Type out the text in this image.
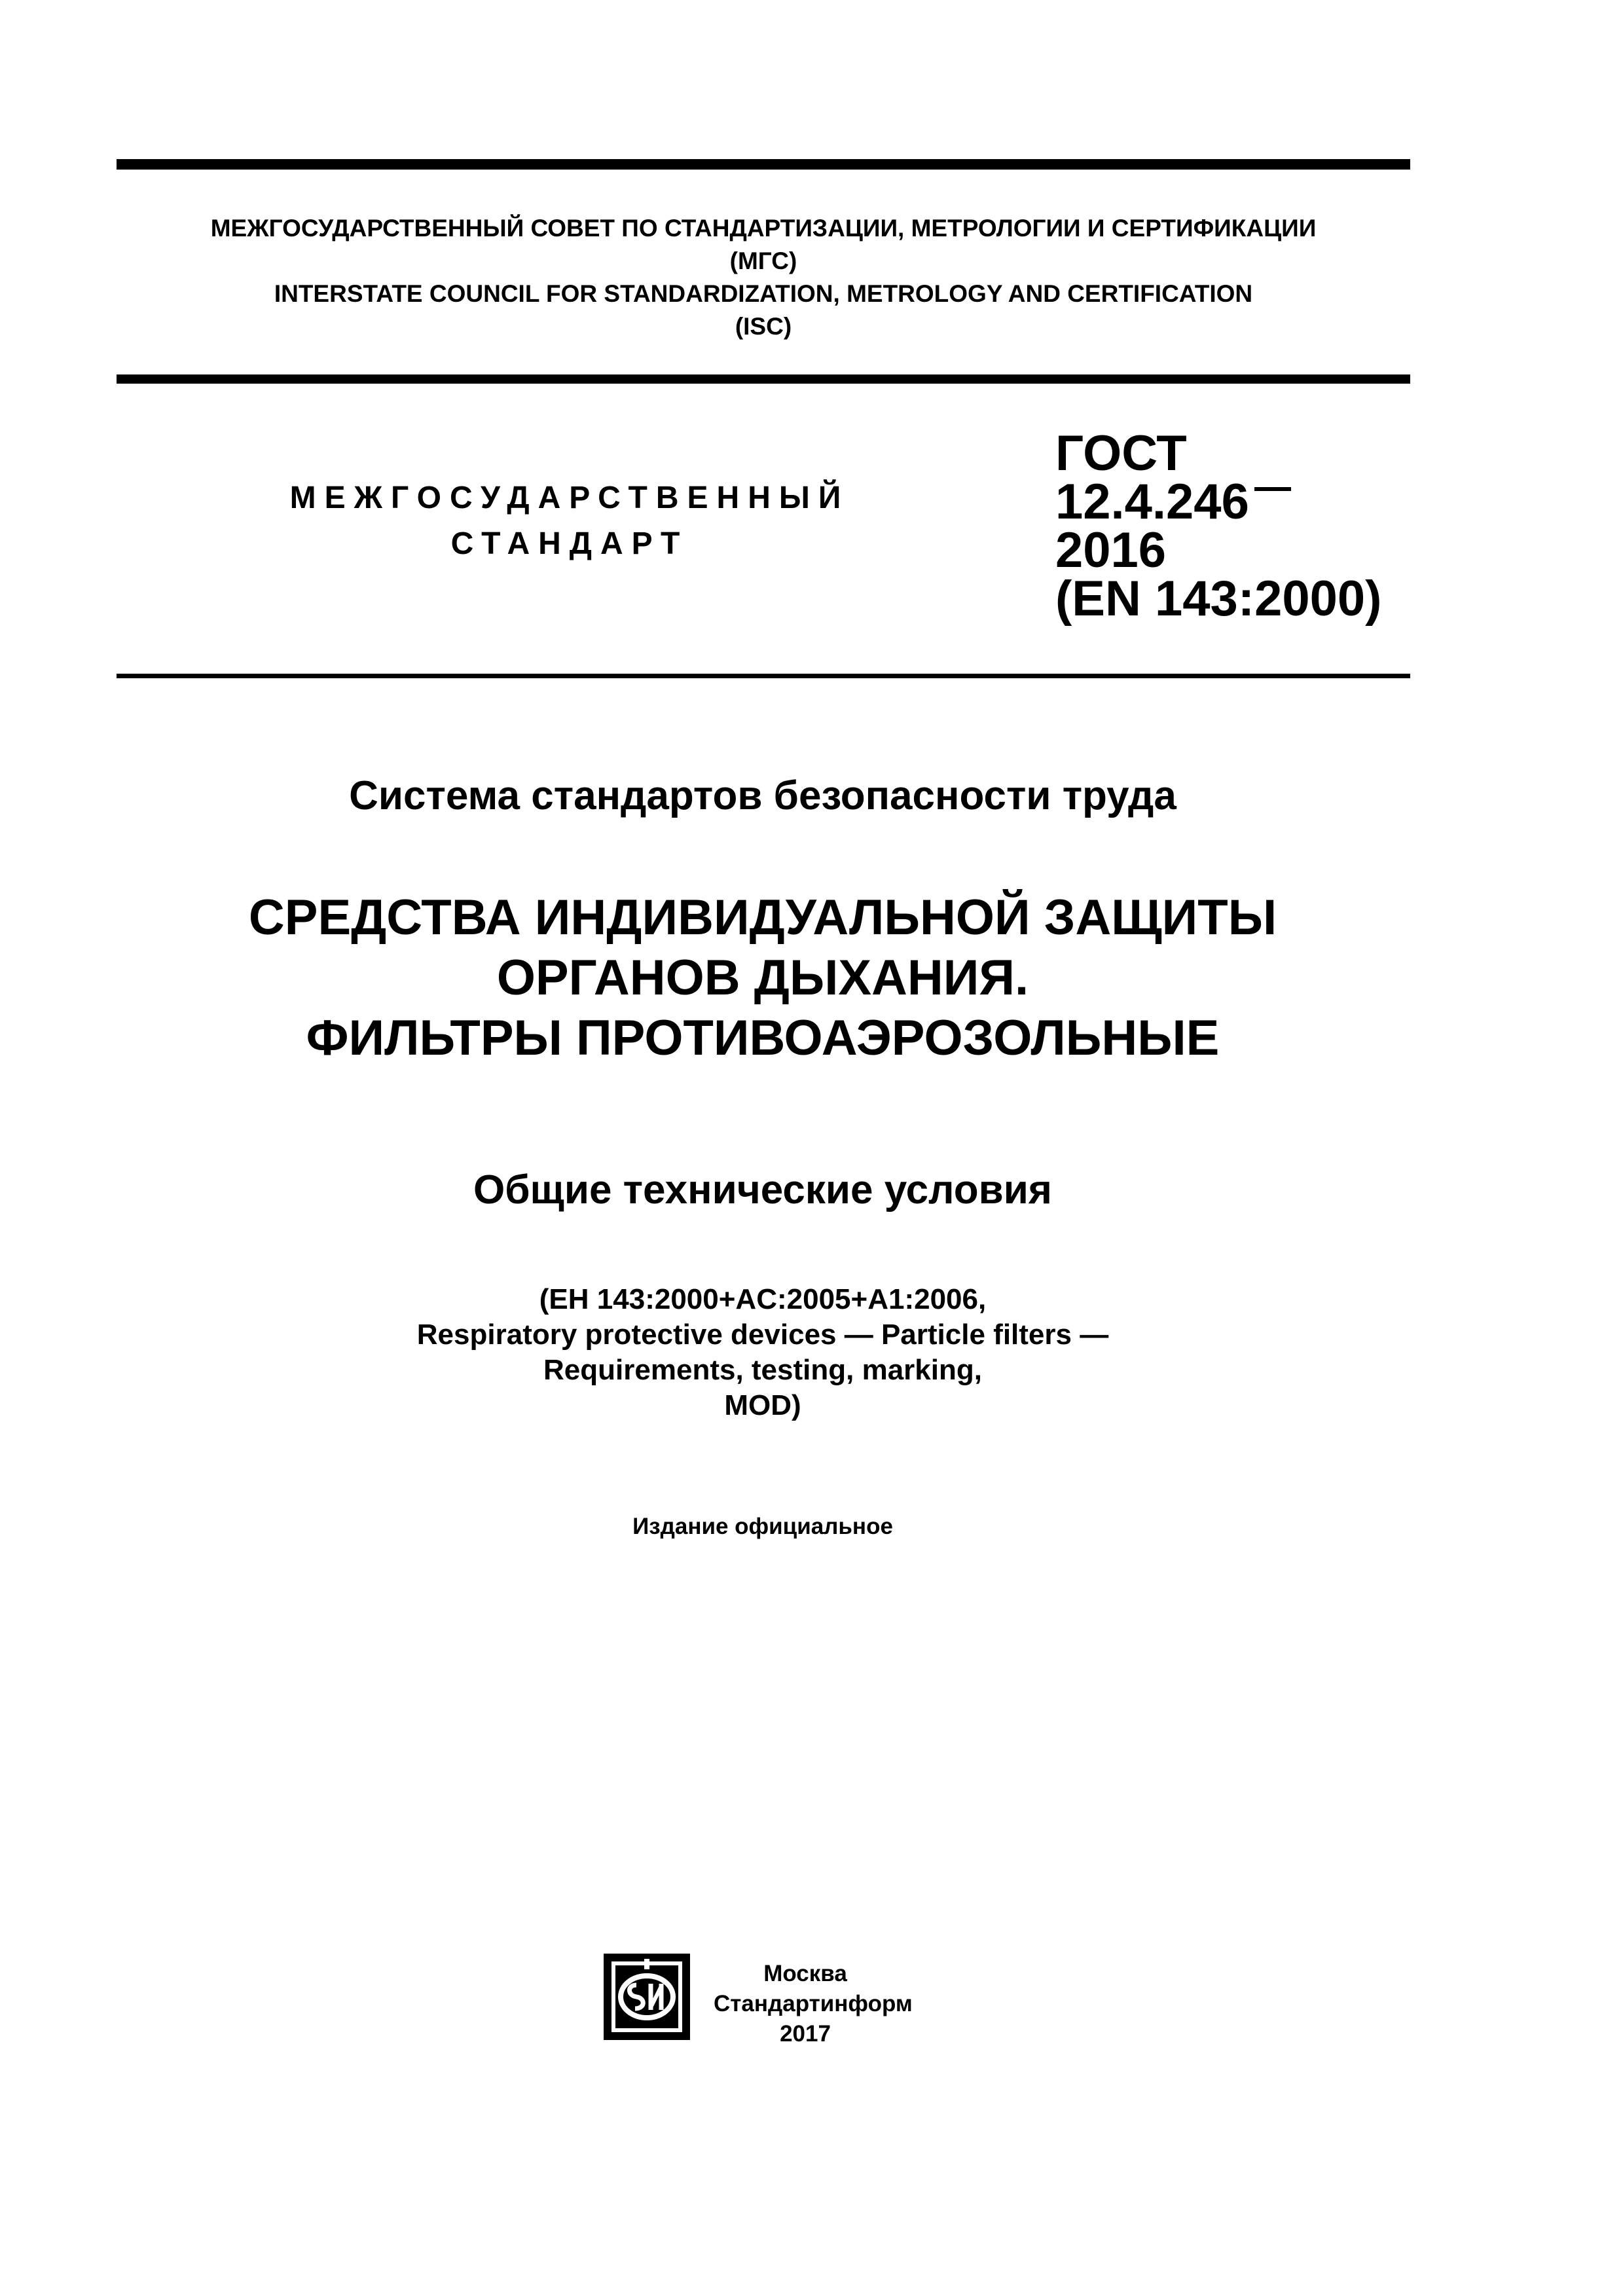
МЕЖГОСУДАРСТВЕННЫЙ СОВЕТ ПО СТАНДАРТИЗАЦИИ, МЕТРОЛОГИИ И СЕРТИФИКАЦИИ
(МГС)
INTERSTATE COUNCIL FOR STANDARDIZATION, METROLOGY AND CERTIFICATION
(ISC)
МЕЖГОСУДАРСТВЕННЫЙ
СТАНДАРТ
ГОСТ
12.4.246
2016
(EN 143:2000)
Система стандартов безопасности труда
СРЕДСТВА ИНДИВИДУАЛЬНОЙ ЗАЩИТЫ
ОРГАНОВ ДЫХАНИЯ.
ФИЛЬТРЫ ПРОТИВОАЭРОЗОЛЬНЫЕ
Общие технические условия
(ЕН 143:2000+AC:2005+A1:2006,
Respiratory protective devices — Particle filters —
Requirements, testing, marking,
MOD)
Издание официальное
Москва
Стандартинформ
2017
